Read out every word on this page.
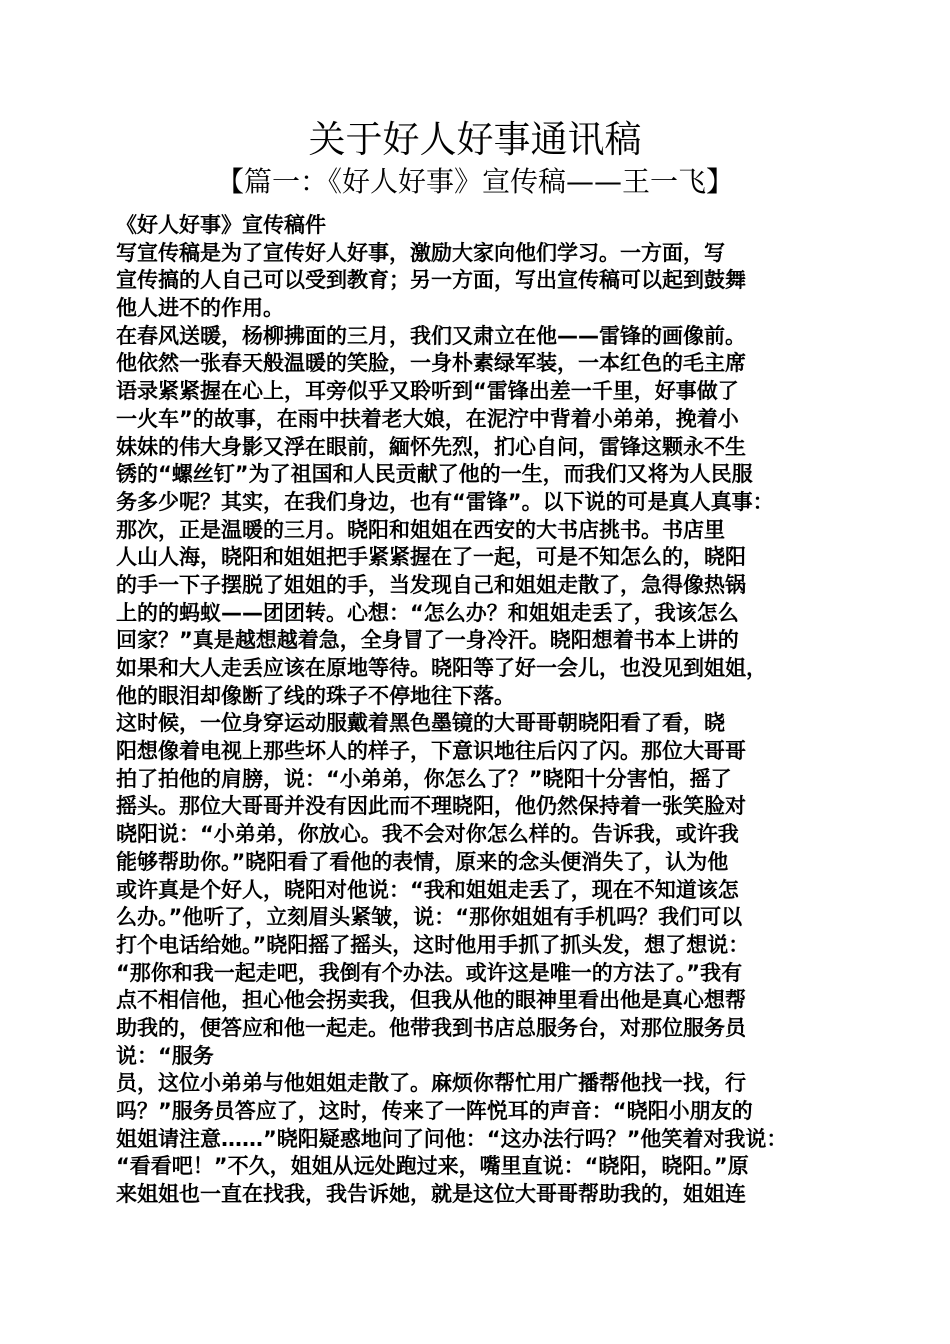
关于好人好事通讯稿
【篇一：《好人好事》宣传稿——王一飞】
《好人好事》宣传稿件
写宣传稿是为了宣传好人好事，激励大家向他们学习。一方面，写
宣传搞的人自己可以受到教育；另一方面，写出宣传稿可以起到鼓舞
他人进不的作用。
在春风送暖，杨柳拂面的三月，我们又肃立在他——雷锋的画像前。
他依然一张春天般温暖的笑脸，一身朴素绿军装，一本红色的毛主席
语录紧紧握在心上，耳旁似乎又聆听到“雷锋出差一千里，好事做了
一火车”的故事，在雨中扶着老大娘，在泥泞中背着小弟弟，挽着小
妹妹的伟大身影又浮在眼前，緬怀先烈，扪心自问，雷锋这颗永不生
锈的“螺丝钉”为了祖国和人民贡献了他的一生，而我们又将为人民服
务多少呢？其实，在我们身边，也有“雷锋”。以下说的可是真人真事：
那次，正是温暖的三月。晓阳和姐姐在西安的大书店挑书。书店里
人山人海，晓阳和姐姐把手紧紧握在了一起，可是不知怎么的，晓阳
的手一下子摆脱了姐姐的手，当发现自己和姐姐走散了，急得像热锅
上的的蚂蚁——团团转。心想：“怎么办？和姐姐走丢了，我该怎么
回家？”真是越想越着急，全身冒了一身冷汗。晓阳想着书本上讲的
如果和大人走丢应该在原地等待。晓阳等了好一会儿，也没见到姐姐，
他的眼泪却像断了线的珠子不停地往下落。
这时候，一位身穿运动服戴着黑色墨镜的大哥哥朝晓阳看了看，晓
阳想像着电视上那些坏人的样子，下意识地往后闪了闪。那位大哥哥
拍了拍他的肩膀，说：“小弟弟，你怎么了？”晓阳十分害怕，摇了
摇头。那位大哥哥并没有因此而不理晓阳，他仍然保持着一张笑脸对
晓阳说：“小弟弟，你放心。我不会对你怎么样的。告诉我，或许我
能够帮助你。”晓阳看了看他的表情，原来的念头便消失了，认为他
或许真是个好人，晓阳对他说：“我和姐姐走丢了，现在不知道该怎
么办。”他听了，立刻眉头紧皱，说：“那你姐姐有手机吗？我们可以
打个电话给她。”晓阳摇了摇头，这时他用手抓了抓头发，想了想说：
“那你和我一起走吧，我倒有个办法。或许这是唯一的方法了。”我有
点不相信他，担心他会拐卖我，但我从他的眼神里看出他是真心想帮
助我的，便答应和他一起走。他带我到书店总服务台，对那位服务员
说：“服务
员，这位小弟弟与他姐姐走散了。麻烦你帮忙用广播帮他找一找，行
吗？”服务员答应了，这时，传来了一阵悦耳的声音：“晓阳小朋友的
姐姐请注意……”晓阳疑惑地问了问他：“这办法行吗？”他笑着对我说：
“看看吧！”不久，姐姐从远处跑过来，嘴里直说：“晓阳，晓阳。”原
来姐姐也一直在找我，我告诉她，就是这位大哥哥帮助我的，姐姐连
